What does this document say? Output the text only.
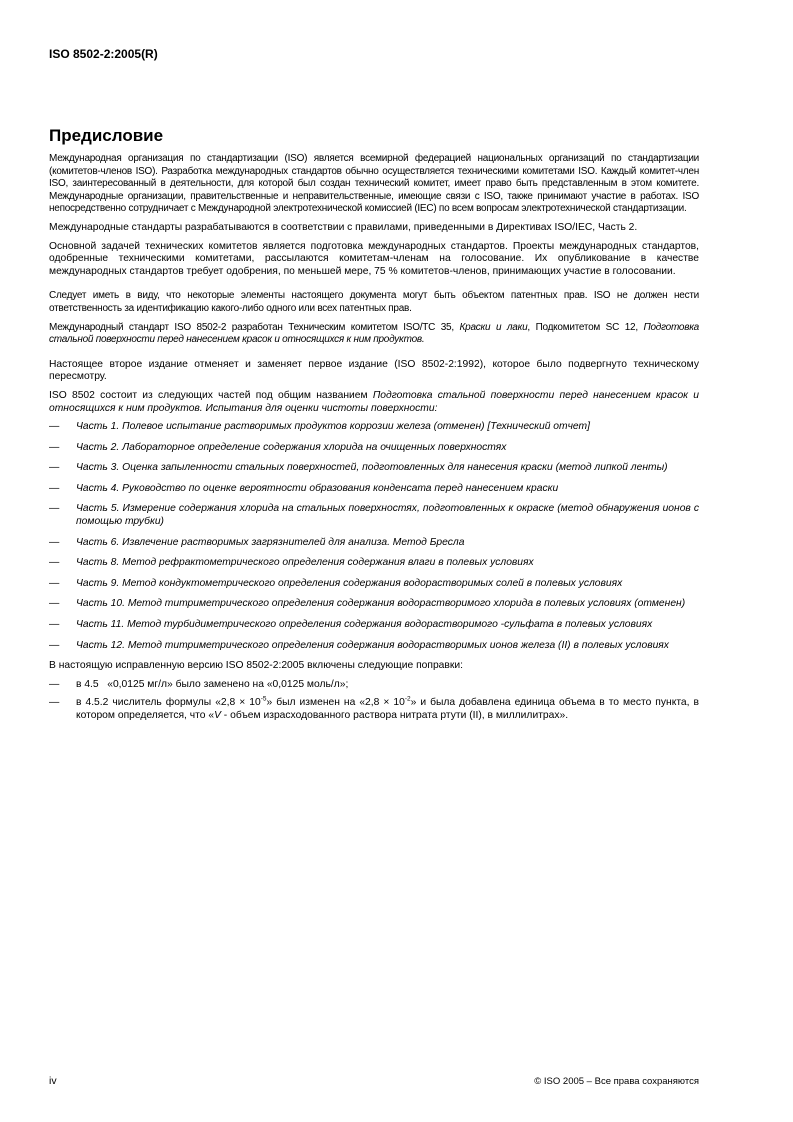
ISO 8502-2:2005(R)
Предисловие

Международная организация по стандартизации (ISO) является всемирной федерацией национальных организаций по стандартизации (комитетов-членов ISO). Разработка международных стандартов обычно осуществляется техническими комитетами ISO. Каждый комитет-член ISO, заинтересованный в деятельности, для которой был создан технический комитет, имеет право быть представленным в этом комитете. Международные организации, правительственные и неправительственные, имеющие связи с ISO, также принимают участие в работах. ISO непосредственно сотрудничает с Международной электротехнической комиссией (IEC) по всем вопросам электротехнической стандартизации.

Международные стандарты разрабатываются в соответствии с правилами, приведенными в Директивах ISO/IEC, Часть 2.

Основной задачей технических комитетов является подготовка международных стандартов. Проекты международных стандартов, одобренные техническими комитетами, рассылаются комитетам-членам на голосование. Их опубликование в качестве международных стандартов требует одобрения, по меньшей мере, 75 % комитетов-членов, принимающих участие в голосовании.

Следует иметь в виду, что некоторые элементы настоящего документа могут быть объектом патентных прав. ISO не должен нести ответственность за идентификацию какого-либо одного или всех патентных прав.

Международный стандарт ISO 8502-2 разработан Техническим комитетом ISO/TC 35, Краски и лаки, Подкомитетом SC 12, Подготовка стальной поверхности перед нанесением красок и относящихся к ним продуктов.

Настоящее второе издание отменяет и заменяет первое издание (ISO 8502-2:1992), которое было подвергнуто техническому пересмотру.

ISO 8502 состоит из следующих частей под общим названием Подготовка стальной поверхности перед нанесением красок и относящихся к ним продуктов. Испытания для оценки чистоты поверхности:

—	Часть 1. Полевое испытание растворимых продуктов коррозии железа (отменен) [Технический отчет]
—	Часть 2. Лабораторное определение содержания хлорида на очищенных поверхностях
—	Часть 3. Оценка запыленности стальных поверхностей, подготовленных для нанесения краски (метод липкой ленты)
—	Часть 4. Руководство по оценке вероятности образования конденсата перед нанесением краски
—	Часть 5. Измерение содержания хлорида на стальных поверхностях, подготовленных к окраске (метод обнаружения ионов с помощью трубки)
—	Часть 6. Извлечение растворимых загрязнителей для анализа. Метод Бресла
—	Часть 8. Метод рефрактометрического определения содержания влаги в полевых условиях
—	Часть 9. Метод кондуктометрического определения содержания водорастворимых солей в полевых условиях
—	Часть 10. Метод титриметрического определения содержания водорастворимого хлорида в полевых условиях (отменен)
—	Часть 11. Метод турбидиметрического определения содержания водорастворимого -сульфата в полевых условиях
—	Часть 12. Метод титриметрического определения содержания водорастворимых ионов железа (II) в полевых условиях

В настоящую исправленную версию ISO 8502-2:2005 включены следующие поправки:

—	в 4.5   «0,0125 мг/л» было заменено на «0,0125 моль/л»;
—	в 4.5.2 числитель формулы «$2,8 \times 10^{-5}$» был изменен на «$2,8 \times 10^{-2}$» и была добавлена единица объема в то место пункта, в котором определяется, что «V - объем израсходованного раствора нитрата ртути (II), в миллилитрах».
iv	© ISO 2005 – Все права сохраняются
